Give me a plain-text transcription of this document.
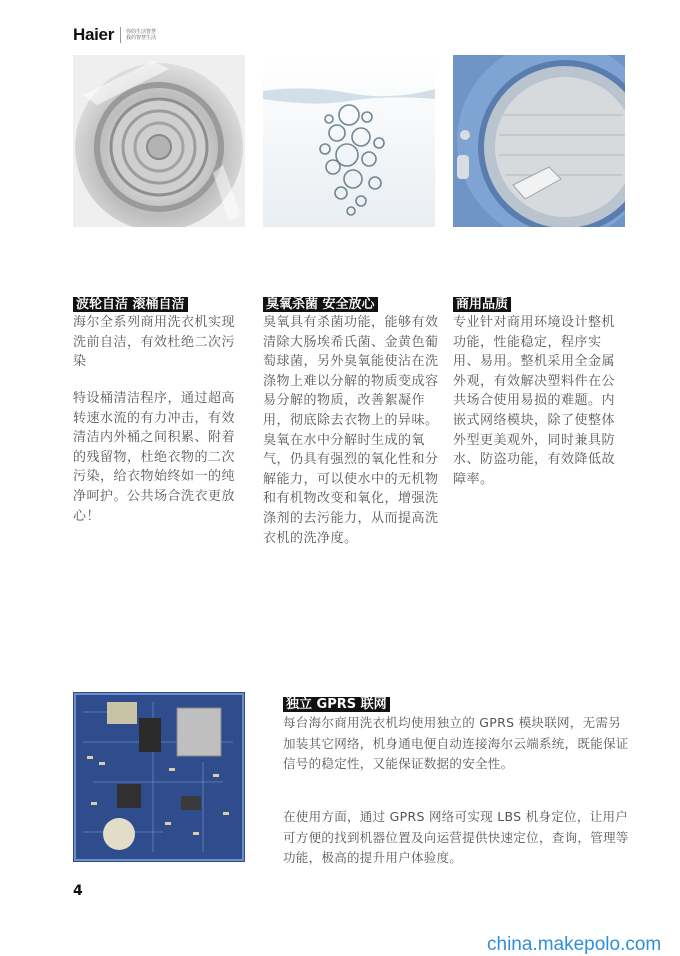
Haier 你的生活智慧
我的智慧生活
波轮自洁 滚桶自洁

海尔全系列商用洗衣机实现洗前自洁，有效杜绝二次污染

特设桶清洁程序，通过超高转速水流的有力冲击，有效清洁内外桶之间积累、附着的残留物，杜绝衣物的二次污染，给衣物始终如一的纯净呵护。公共场合洗衣更放心！

臭氧杀菌 安全放心

臭氧具有杀菌功能，能够有效清除大肠埃希氏菌、金黄色葡萄球菌，另外臭氧能使沾在洗涤物上难以分解的物质变成容易分解的物质，改善絮凝作用，彻底除去衣物上的异味。臭氧在水中分解时生成的氧气，仍具有强烈的氧化性和分解能力，可以使水中的无机物和有机物改变和氧化，增强洗涤剂的去污能力，从而提高洗衣机的洗净度。

商用品质

专业针对商用环境设计整机功能，性能稳定，程序实用、易用。整机采用全金属外观，有效解决塑料件在公共场合使用易损的难题。内嵌式网络模块，除了使整体外型更美观外，同时兼具防水、防盗功能，有效降低故障率。

独立 GPRS 联网

每台海尔商用洗衣机均使用独立的 GPRS 模块联网，无需另加装其它网络，机身通电便自动连接海尔云端系统，既能保证信号的稳定性，又能保证数据的安全性。

在使用方面，通过 GPRS 网络可实现 LBS 机身定位，让用户可方便的找到机器位置及向运营提供快速定位，查询，管理等功能，极高的提升用户体验度。

4
china.makepolo.com
